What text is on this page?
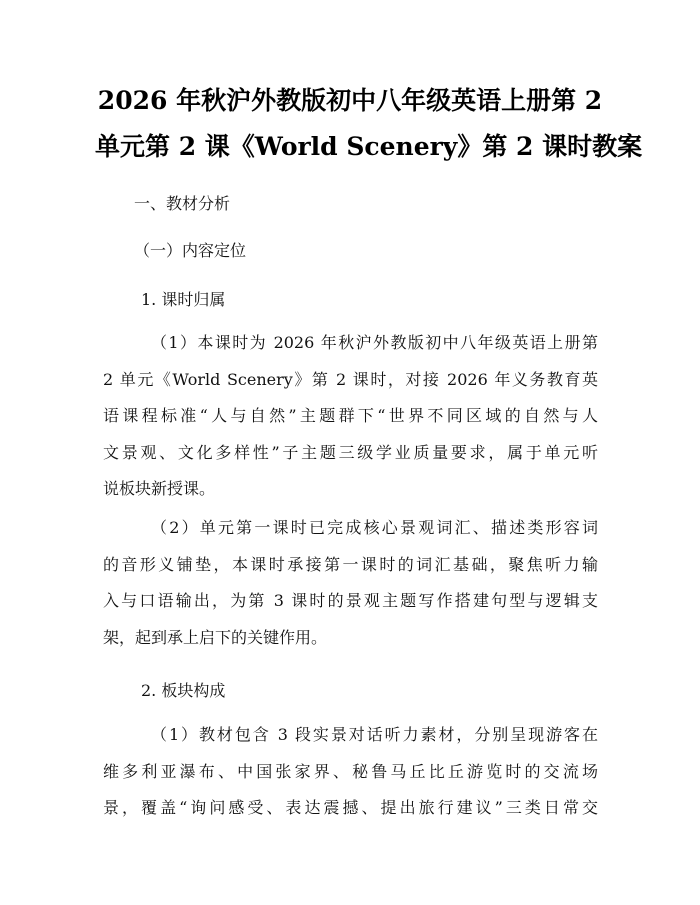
2026 年秋沪外教版初中八年级英语上册第 2
单元第 2 课《World Scenery》第 2 课时教案
一、教材分析
（一）内容定位
1. 课时归属
（1）本课时为 2026 年秋沪外教版初中八年级英语上册第
2 单元《World Scenery》第 2 课时，对接 2026 年义务教育英
语课程标准“人与自然”主题群下“世界不同区域的自然与人
文景观、文化多样性”子主题三级学业质量要求，属于单元听
说板块新授课。
（2）单元第一课时已完成核心景观词汇、描述类形容词
的音形义铺垫，本课时承接第一课时的词汇基础，聚焦听力输
入与口语输出，为第 3 课时的景观主题写作搭建句型与逻辑支
架，起到承上启下的关键作用。
2. 板块构成
（1）教材包含 3 段实景对话听力素材，分别呈现游客在
维多利亚瀑布、中国张家界、秘鲁马丘比丘游览时的交流场
景，覆盖“询问感受、表达震撼、提出旅行建议”三类日常交
